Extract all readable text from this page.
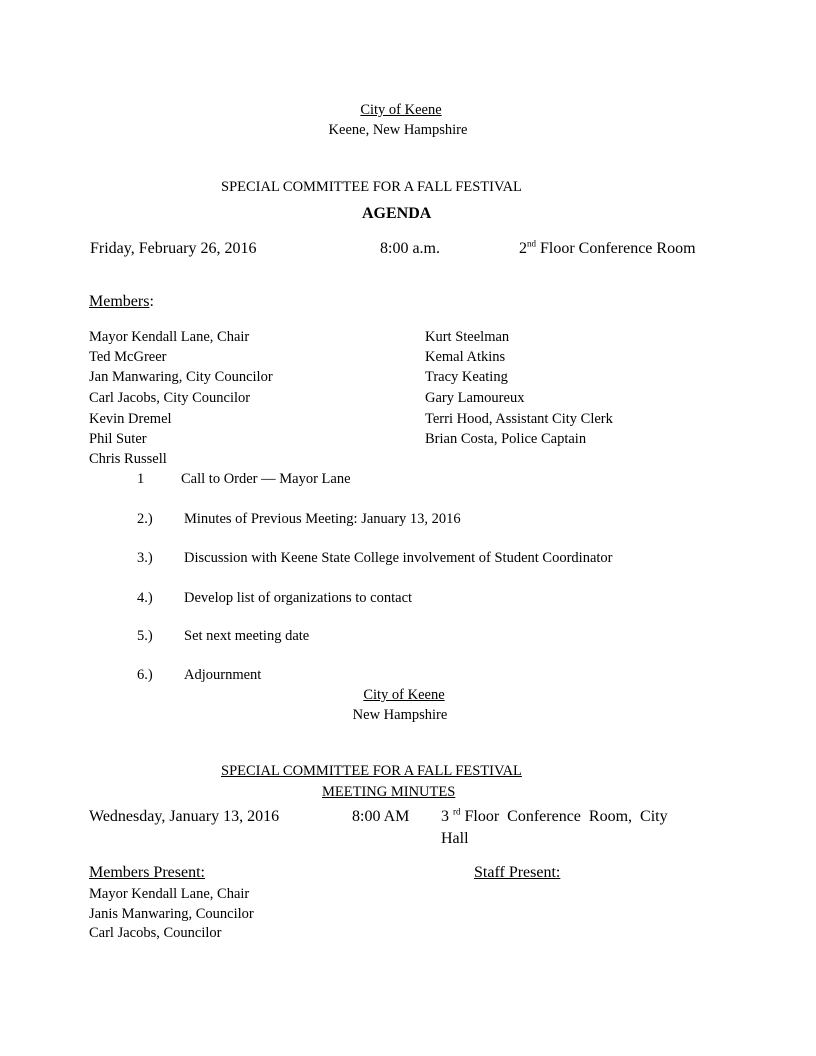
City of Keene
Keene, New Hampshire
SPECIAL COMMITTEE FOR A FALL FESTIVAL
AGENDA
Friday, February 26, 2016	8:00 a.m.	2nd Floor Conference Room
Members:
Mayor Kendall Lane, Chair
Ted McGreer
Jan Manwaring, City Councilor
Carl Jacobs, City Councilor
Kevin Dremel
Phil Suter
Chris Russell
Kurt Steelman
Kemal Atkins
Tracy Keating
Gary Lamoureux
Terri Hood, Assistant City Clerk
Brian Costa, Police Captain
1	Call to Order — Mayor Lane
2.) Minutes of Previous Meeting: January 13, 2016
3.) Discussion with Keene State College involvement of Student Coordinator
4.) Develop list of organizations to contact
5.) Set next meeting date
6.) Adjournment
City of Keene
New Hampshire
SPECIAL COMMITTEE FOR A FALL FESTIVAL
MEETING MINUTES
Wednesday, January 13, 2016	8:00 AM 3 $^{rd}$ Floor  Conference  Room,  City
Hall
Members Present:	Staff Present:
Mayor Kendall Lane, Chair
Janis Manwaring, Councilor
Carl Jacobs, Councilor
